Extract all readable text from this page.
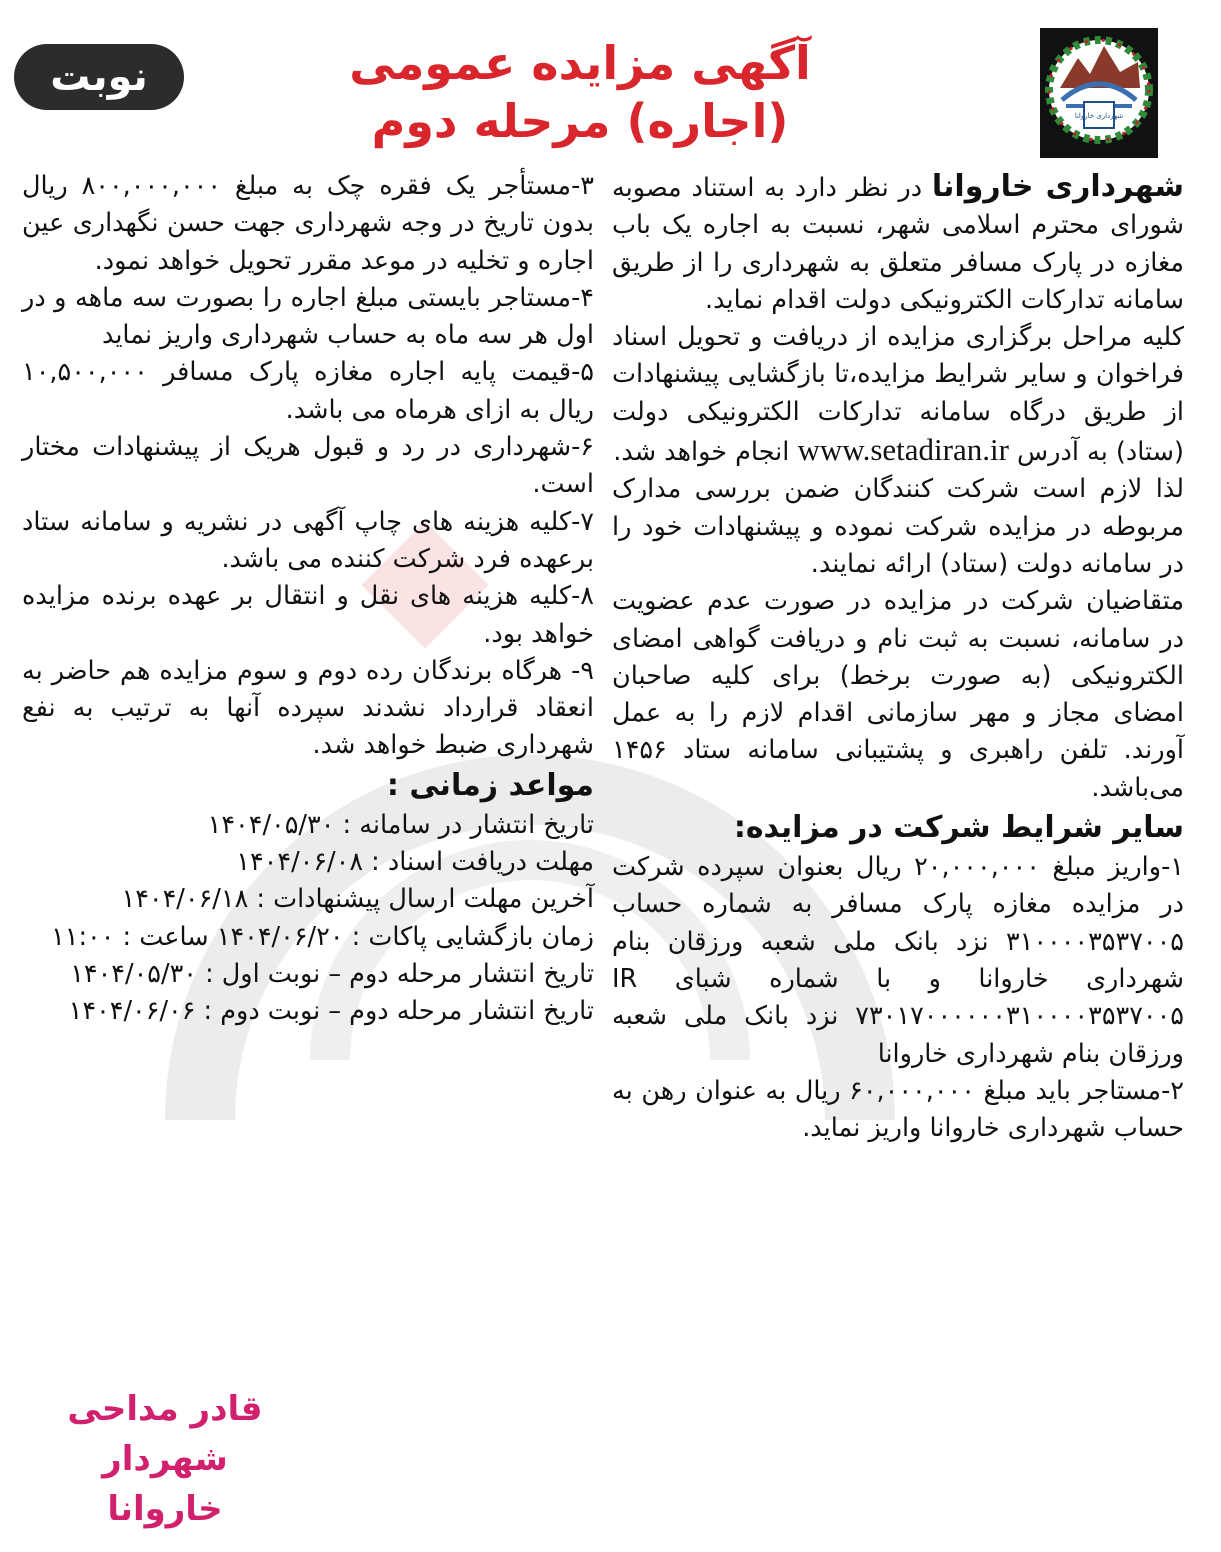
شهرداری خاروانا
نوبت دوم
آگهی مزایده عمومی
(اجاره) مرحله دوم

شهرداری خاروانا در نظر دارد به استناد مصوبه شورای محترم اسلامی شهر، نسبت به اجاره یک باب مغازه در پارک مسافر متعلق به شهرداری را از طریق سامانه تدارکات الکترونیکی دولت اقدام نماید.

کلیه مراحل برگزاری مزایده از دریافت و تحویل اسناد فراخوان و سایر شرایط مزایده،تا بازگشایی پیشنهادات از طریق درگاه سامانه تدارکات الکترونیکی دولت (ستاد) به آدرس www.setadiran.ir انجام خواهد شد.

لذا لازم است شرکت کنندگان ضمن بررسی مدارک مربوطه در مزایده شرکت نموده و پیشنهادات خود را در سامانه دولت (ستاد) ارائه نمایند.

متقاضیان شرکت در مزایده در صورت عدم عضویت در سامانه، نسبت به ثبت نام و دریافت گواهی امضای الکترونیکی (به صورت برخط) برای کلیه صاحبان امضای مجاز و مهر سازمانی اقدام لازم را به عمل آورند. تلفن راهبری و پشتیبانی سامانه ستاد ۱۴۵۶ می‌باشد.

سایر شرایط شرکت در مزایده:

۱-واریز مبلغ ۲۰,۰۰۰,۰۰۰ ریال بعنوان سپرده شرکت در مزایده مغازه پارک مسافر به شماره حساب ۳۱۰۰۰۰۳۵۳۷۰۰۵ نزد بانک ملی شعبه ورزقان بنام شهرداری خاروانا و با شماره شبای IR ۷۳۰۱۷۰۰۰۰۰۰۳۱۰۰۰۰۳۵۳۷۰۰۵ نزد بانک ملی شعبه ورزقان بنام شهرداری خاروانا

۲-مستاجر باید مبلغ ۶۰,۰۰۰,۰۰۰ ریال به عنوان رهن به حساب شهرداری خاروانا واریز نماید.

۳-مستأجر یک فقره چک به مبلغ ۸۰۰,۰۰۰,۰۰۰ ریال بدون تاریخ در وجه شهرداری جهت حسن نگهداری عین اجاره و تخلیه در موعد مقرر تحویل خواهد نمود.

۴-مستاجر بایستی مبلغ اجاره را بصورت سه ماهه و در اول هر سه ماه به حساب شهرداری واریز نماید

۵-قیمت پایه اجاره مغازه پارک مسافر ۱۰,۵۰۰,۰۰۰ ریال به ازای هرماه می باشد.

۶-شهرداری در رد و قبول هریک از پیشنهادات مختار است.

۷-کلیه هزینه های چاپ آگهی در نشریه و سامانه ستاد برعهده فرد شرکت کننده می باشد.

۸-کلیه هزینه های نقل و انتقال بر عهده برنده مزایده خواهد بود.

۹- هرگاه برندگان رده دوم و سوم مزایده هم حاضر به انعقاد قرارداد نشدند سپرده آنها به ترتیب به نفع شهرداری ضبط خواهد شد.

مواعد زمانی :

تاریخ انتشار در سامانه : ۱۴۰۴/۰۵/۳۰

مهلت دریافت اسناد : ۱۴۰۴/۰۶/۰۸

آخرین مهلت ارسال پیشنهادات : ۱۴۰۴/۰۶/۱۸

زمان بازگشایی پاکات : ۱۴۰۴/۰۶/۲۰ ساعت : ۱۱:۰۰

تاریخ انتشار مرحله دوم – نوبت اول : ۱۴۰۴/۰۵/۳۰

تاریخ انتشار مرحله دوم – نوبت دوم : ۱۴۰۴/۰۶/۰۶

قادر مداحی
شهردار خاروانا
